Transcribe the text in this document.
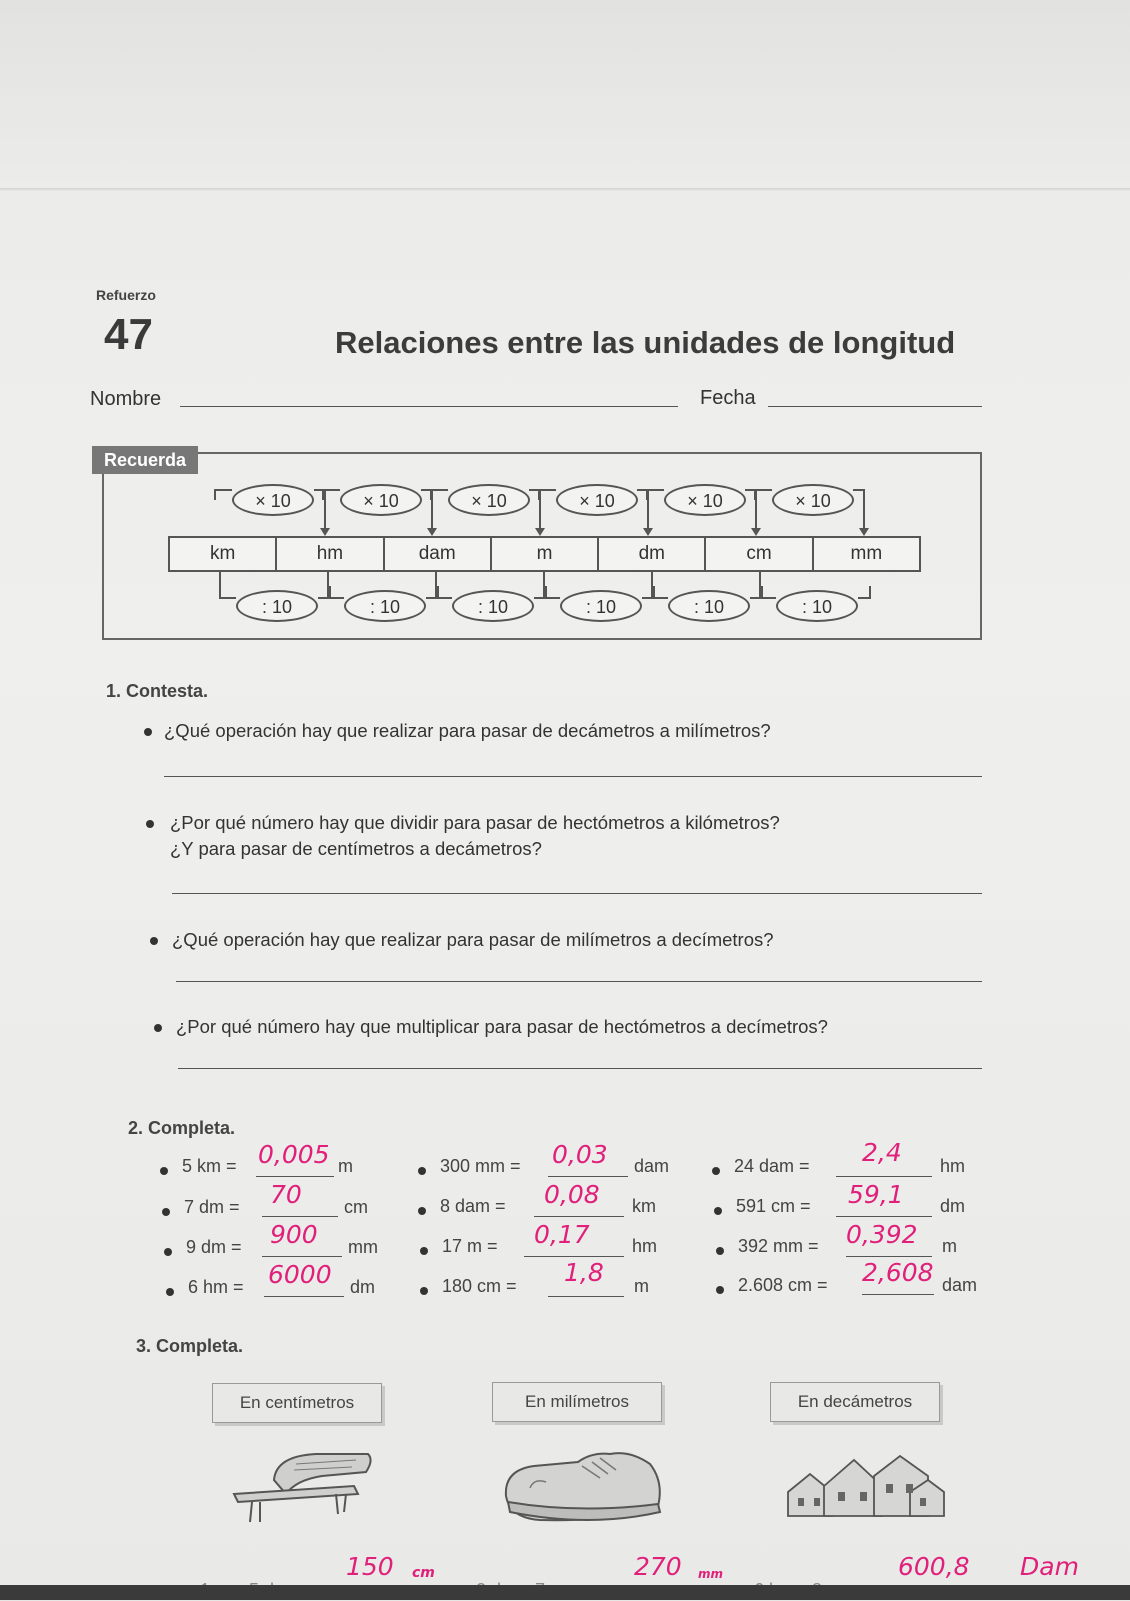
Refuerzo
47	Relaciones entre las unidades de longitud
Nombre	Fecha
Recuerda
× 10	× 10	× 10	× 10	× 10	× 10
km	hm	dam	m	dm	cm	mm
: 10	: 10	: 10	: 10	: 10	: 10
1. Contesta.
¿Qué operación hay que realizar para pasar de decámetros a milímetros?
¿Por qué número hay que dividir para pasar de hectómetros a kilómetros?
¿Y para pasar de centímetros a decámetros?
¿Qué operación hay que realizar para pasar de milímetros a decímetros?
¿Por qué número hay que multiplicar para pasar de hectómetros a decímetros?
2. Completa.
5 km = 0,005 m
7 dm = 70 cm
9 dm = 900 mm
6 hm = 6000 dm
300 mm = 0,03 dam
8 dam = 0,08 km
17 m = 0,17 hm
180 cm = 1,8 m
24 dam = 2,4 hm
591 cm = 59,1 dm
392 mm = 0,392 m
2.608 cm = 2,608 dam
3. Completa.
En centímetros	En milímetros	En decámetros
150 cm	270 mm	600,8 Dam
